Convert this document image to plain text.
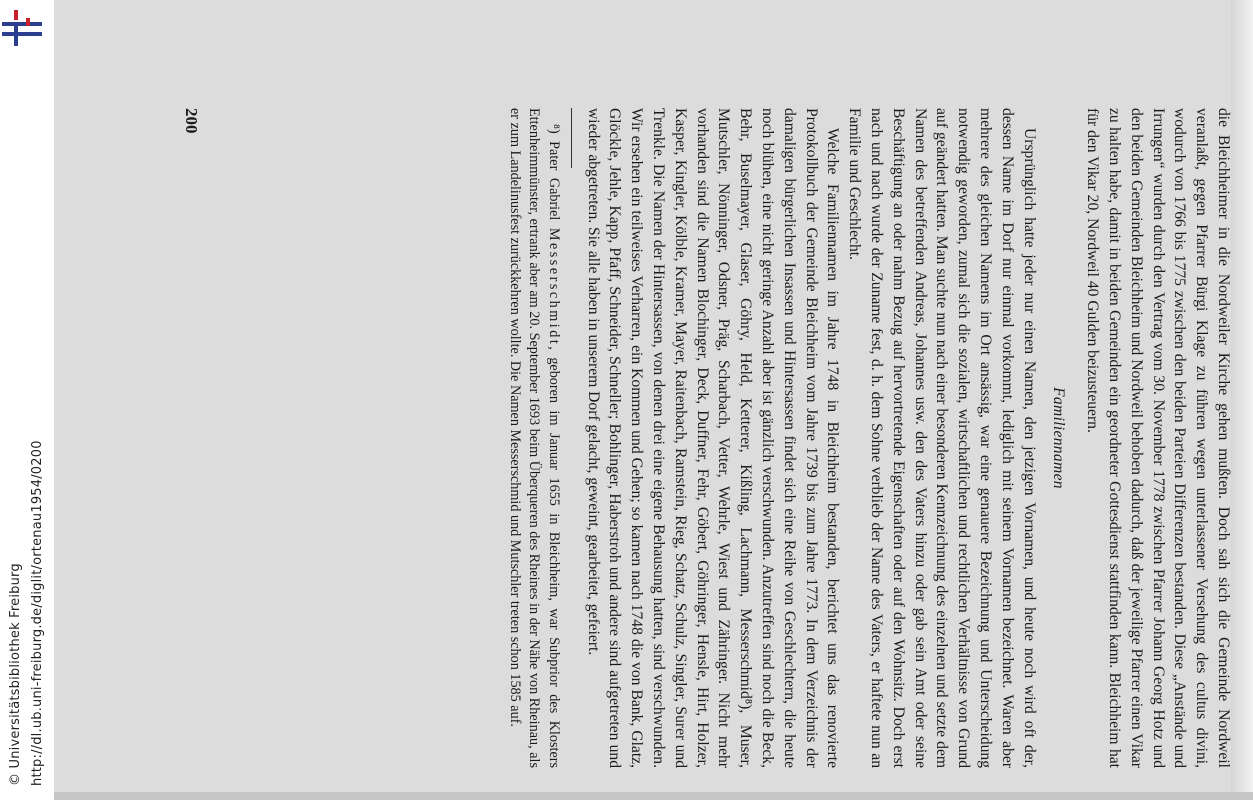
http://dl.ub.uni-freiburg.de/diglit/ortenau1954/0200
© Universitätsbibliothek Freiburg	die Bleichheimer in die Nordweiler Kirche gehen mußten. Doch sah sich die Gemeinde Nordweil veranlaßt, gegen Pfarrer Bürgi Klage zu führen wegen unterlassener Versehung des cultus divini, wodurch von 1766 bis 1775 zwischen den beiden Parteien Differenzen bestanden. Diese „Anstände und Irrungen“ wurden durch den Vertrag vom 30. November 1778 zwischen Pfarrer Johann Georg Hotz und den beiden Gemeinden Bleichheim und Nordweil behoben dadurch, daß der jeweilige Pfarrer einen Vikar zu halten habe, damit in beiden Gemeinden ein geordneter Gottesdienst stattfinden kann. Bleichheim hat für den Vikar 20, Nordweil 40 Gulden beizusteuern.

Familiennamen

Ursprünglich hatte jeder nur einen Namen, den jetzigen Vornamen, und heute noch wird oft der, dessen Name im Dorf nur einmal vorkommt, lediglich mit seinem Vornamen bezeichnet. Waren aber mehrere des gleichen Namens im Ort ansässig, war eine genauere Bezeichnung und Unterscheidung notwendig geworden, zumal sich die sozialen, wirtschaftlichen und rechtlichen Verhältnisse von Grund auf geändert hatten. Man suchte nun nach einer besonderen Kennzeichnung des einzelnen und setzte dem Namen des betreffenden Andreas, Johannes usw. den des Vaters hinzu oder gab sein Amt oder seine Beschäftigung an oder nahm Bezug auf hervortretende Eigenschaften oder auf den Wohnsitz. Doch erst nach und nach wurde der Zuname fest, d. h. dem Sohne verblieb der Name des Vaters, er haftete nun an Familie und Geschlecht.

Welche Familiennamen im Jahre 1748 in Bleichheim bestanden, berichtet uns das renovierte Protokollbuch der Gemeinde Bleichheim vom Jahre 1739 bis zum Jahre 1773. In dem Verzeichnis der damaligen bürgerlichen Insassen und Hintersassen findet sich eine Reihe von Geschlechtern, die heute noch blühen, eine nicht geringe Anzahl aber ist gänzlich verschwunden. Anzutreffen sind noch die Beck, Behr, Buselmayer, Glaser, Göhry, Held, Ketterer, Kißling, Lachmann, Messerschmid⁸), Muser, Mutschler, Nönninger, Odsner, Präg, Scharbach, Vetter, Wehrle, Wiest und Zähringer. Nicht mehr vorhanden sind die Namen Blochinger, Deck, Duffner, Fehr, Göbert, Göhringer, Hensle, Hirt, Holzer, Kasper, Kingler, Kölble, Kramer, Mayer, Raitenbach, Ramstein, Rieg, Schatz, Schulz, Singler, Surer und Trenkle. Die Namen der Hintersassen, von denen drei eine eigene Behausung hatten, sind verschwunden. Wir ersehen ein teilweises Verharren, ein Kommen und Gehen; so kamen nach 1748 die von Bank, Glatz, Glöckle, Jehle, Kapp, Pfaff, Schneider, Schneller; Bohlinger, Haberstroh und andere sind aufgetreten und wieder abgetreten. Sie alle haben in unserem Dorf gelacht, geweint, gearbeitet, gefeiert.

⁸) Pater Gabriel Messerschmidt, geboren im Januar 1655 in Bleichheim, war Subprior des Klosters Ettenheimmünster, ertrank aber am 20. September 1693 beim Überqueren des Rheines in der Nähe von Rheinau, als er zum Landelinusfest zurückkehren wollte. Die Namen Messerschmid und Mutschler treten schon 1585 auf.

200
